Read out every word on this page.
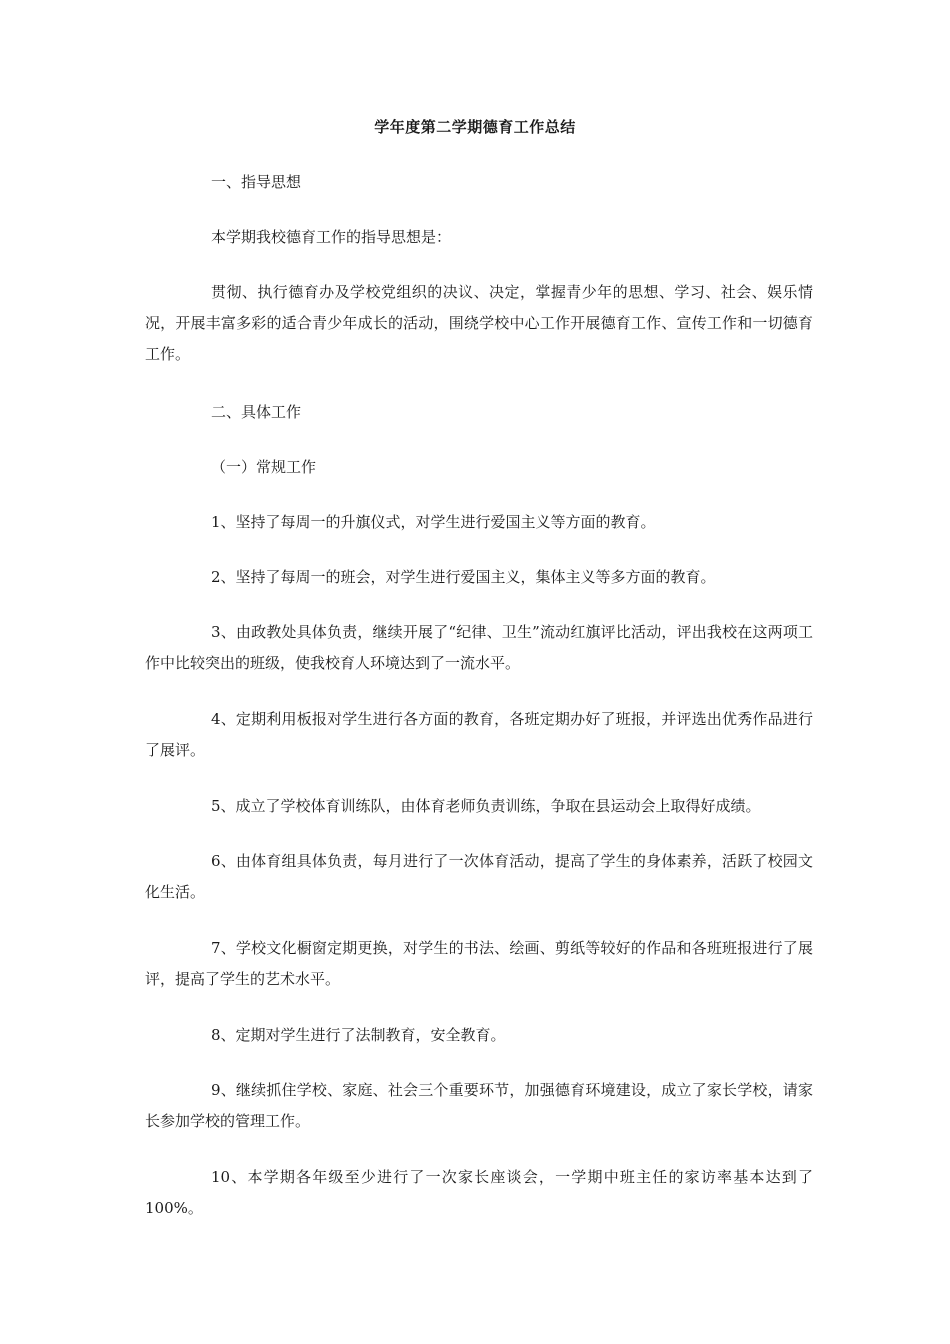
学年度第二学期德育工作总结

一、指导思想

本学期我校德育工作的指导思想是：

贯彻、执行德育办及学校党组织的决议、决定，掌握青少年的思想、学习、社会、娱乐情况，开展丰富多彩的适合青少年成长的活动，围绕学校中心工作开展德育工作、宣传工作和一切德育工作。

二、具体工作

（一）常规工作

1、坚持了每周一的升旗仪式，对学生进行爱国主义等方面的教育。

2、坚持了每周一的班会，对学生进行爱国主义，集体主义等多方面的教育。

3、由政教处具体负责，继续开展了“纪律、卫生”流动红旗评比活动，评出我校在这两项工作中比较突出的班级，使我校育人环境达到了一流水平。

4、定期利用板报对学生进行各方面的教育，各班定期办好了班报，并评选出优秀作品进行了展评。

5、成立了学校体育训练队，由体育老师负责训练，争取在县运动会上取得好成绩。

6、由体育组具体负责，每月进行了一次体育活动，提高了学生的身体素养，活跃了校园文化生活。

7、学校文化橱窗定期更换，对学生的书法、绘画、剪纸等较好的作品和各班班报进行了展评，提高了学生的艺术水平。

8、定期对学生进行了法制教育，安全教育。

9、继续抓住学校、家庭、社会三个重要环节，加强德育环境建设，成立了家长学校，请家长参加学校的管理工作。

10、本学期各年级至少进行了一次家长座谈会，一学期中班主任的家访率基本达到了100%。
